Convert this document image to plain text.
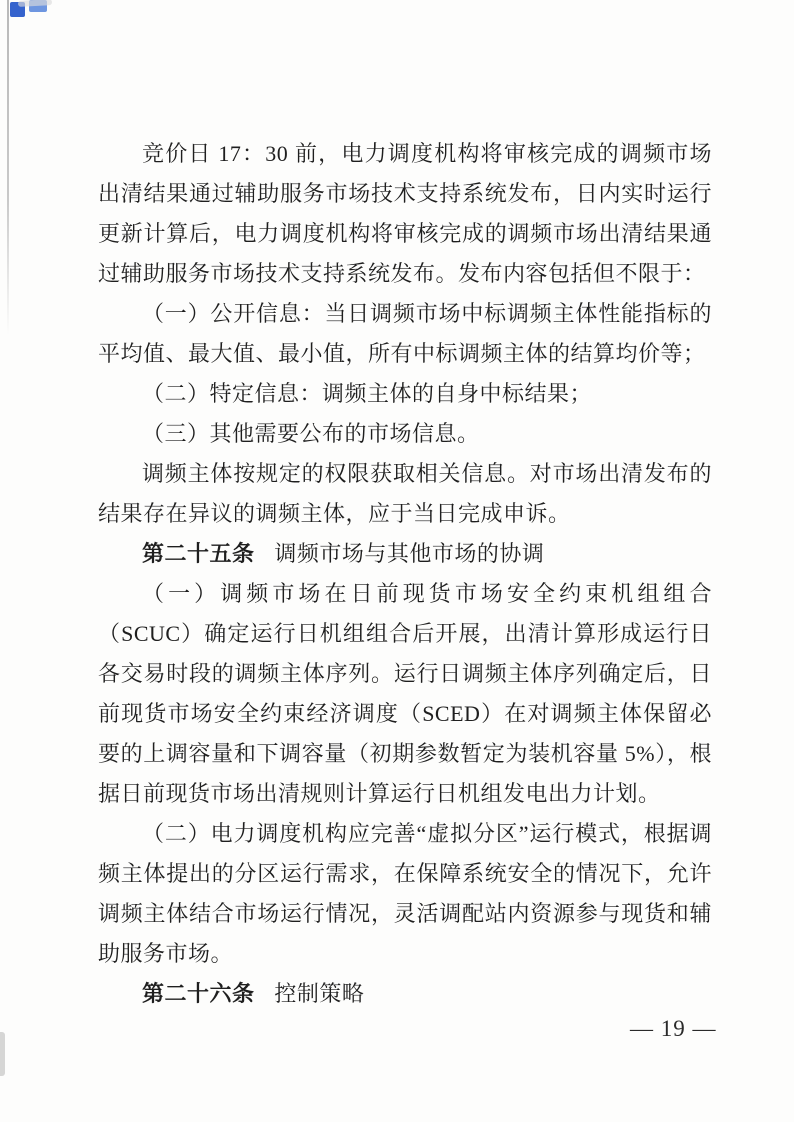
竞价日 17：30 前，电力调度机构将审核完成的调频市场出清结果通过辅助服务市场技术支持系统发布，日内实时运行更新计算后，电力调度机构将审核完成的调频市场出清结果通过辅助服务市场技术支持系统发布。发布内容包括但不限于：

（一）公开信息：当日调频市场中标调频主体性能指标的平均值、最大值、最小值，所有中标调频主体的结算均价等；

（二）特定信息：调频主体的自身中标结果；

（三）其他需要公布的市场信息。

调频主体按规定的权限获取相关信息。对市场出清发布的结果存在异议的调频主体，应于当日完成申诉。

第二十五条 调频市场与其他市场的协调

（一）调频市场在日前现货市场安全约束机组组合（SCUC）确定运行日机组组合后开展，出清计算形成运行日各交易时段的调频主体序列。运行日调频主体序列确定后，日前现货市场安全约束经济调度（SCED）在对调频主体保留必要的上调容量和下调容量（初期参数暂定为装机容量 5%），根据日前现货市场出清规则计算运行日机组发电出力计划。

（二）电力调度机构应完善“虚拟分区”运行模式，根据调频主体提出的分区运行需求，在保障系统安全的情况下，允许调频主体结合市场运行情况，灵活调配站内资源参与现货和辅助服务市场。

第二十六条 控制策略

— 19 —
